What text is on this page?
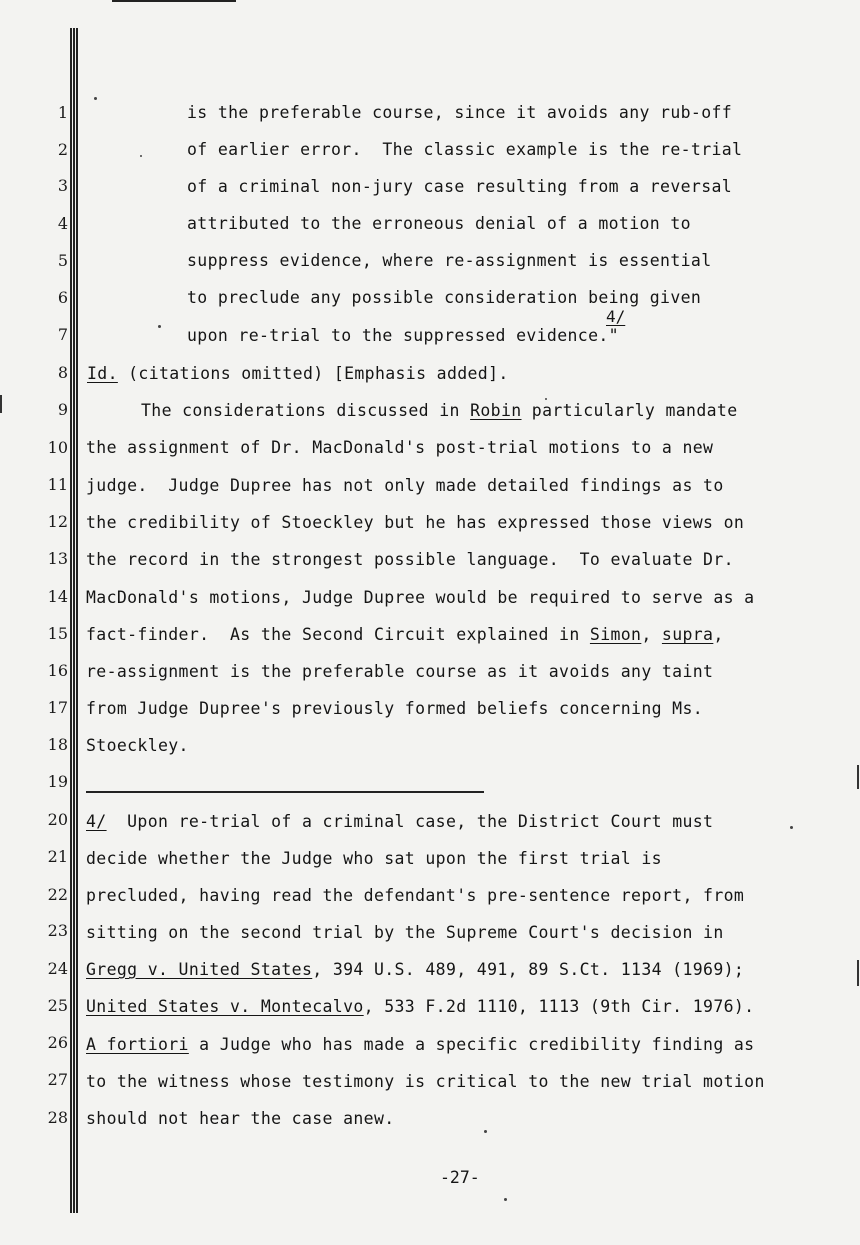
1
2
3
4
5
6
7
8
9
10
11
12
13
14
15
16
17
18
19
20
21
22
23
24
25
26
27
28
is the preferable course, since it avoids any rub-off
of earlier error.  The classic example is the re-trial
of a criminal non-jury case resulting from a reversal
attributed to the erroneous denial of a motion to
suppress evidence, where re-assignment is essential
to preclude any possible consideration being given
upon re-trial to the suppressed evidence."
4/
Id. (citations omitted) [Emphasis added].
The considerations discussed in Robin particularly mandate
the assignment of Dr. MacDonald's post-trial motions to a new
judge.  Judge Dupree has not only made detailed findings as to
the credibility of Stoeckley but he has expressed those views on
the record in the strongest possible language.  To evaluate Dr.
MacDonald's motions, Judge Dupree would be required to serve as a
fact-finder.  As the Second Circuit explained in Simon, supra,
re-assignment is the preferable course as it avoids any taint
from Judge Dupree's previously formed beliefs concerning Ms.
Stoeckley.
4/  Upon re-trial of a criminal case, the District Court must
decide whether the Judge who sat upon the first trial is
precluded, having read the defendant's pre-sentence report, from
sitting on the second trial by the Supreme Court's decision in
Gregg v. United States, 394 U.S. 489, 491, 89 S.Ct. 1134 (1969);
United States v. Montecalvo, 533 F.2d 1110, 1113 (9th Cir. 1976).
A fortiori a Judge who has made a specific credibility finding as
to the witness whose testimony is critical to the new trial motion
should not hear the case anew.
-27-
